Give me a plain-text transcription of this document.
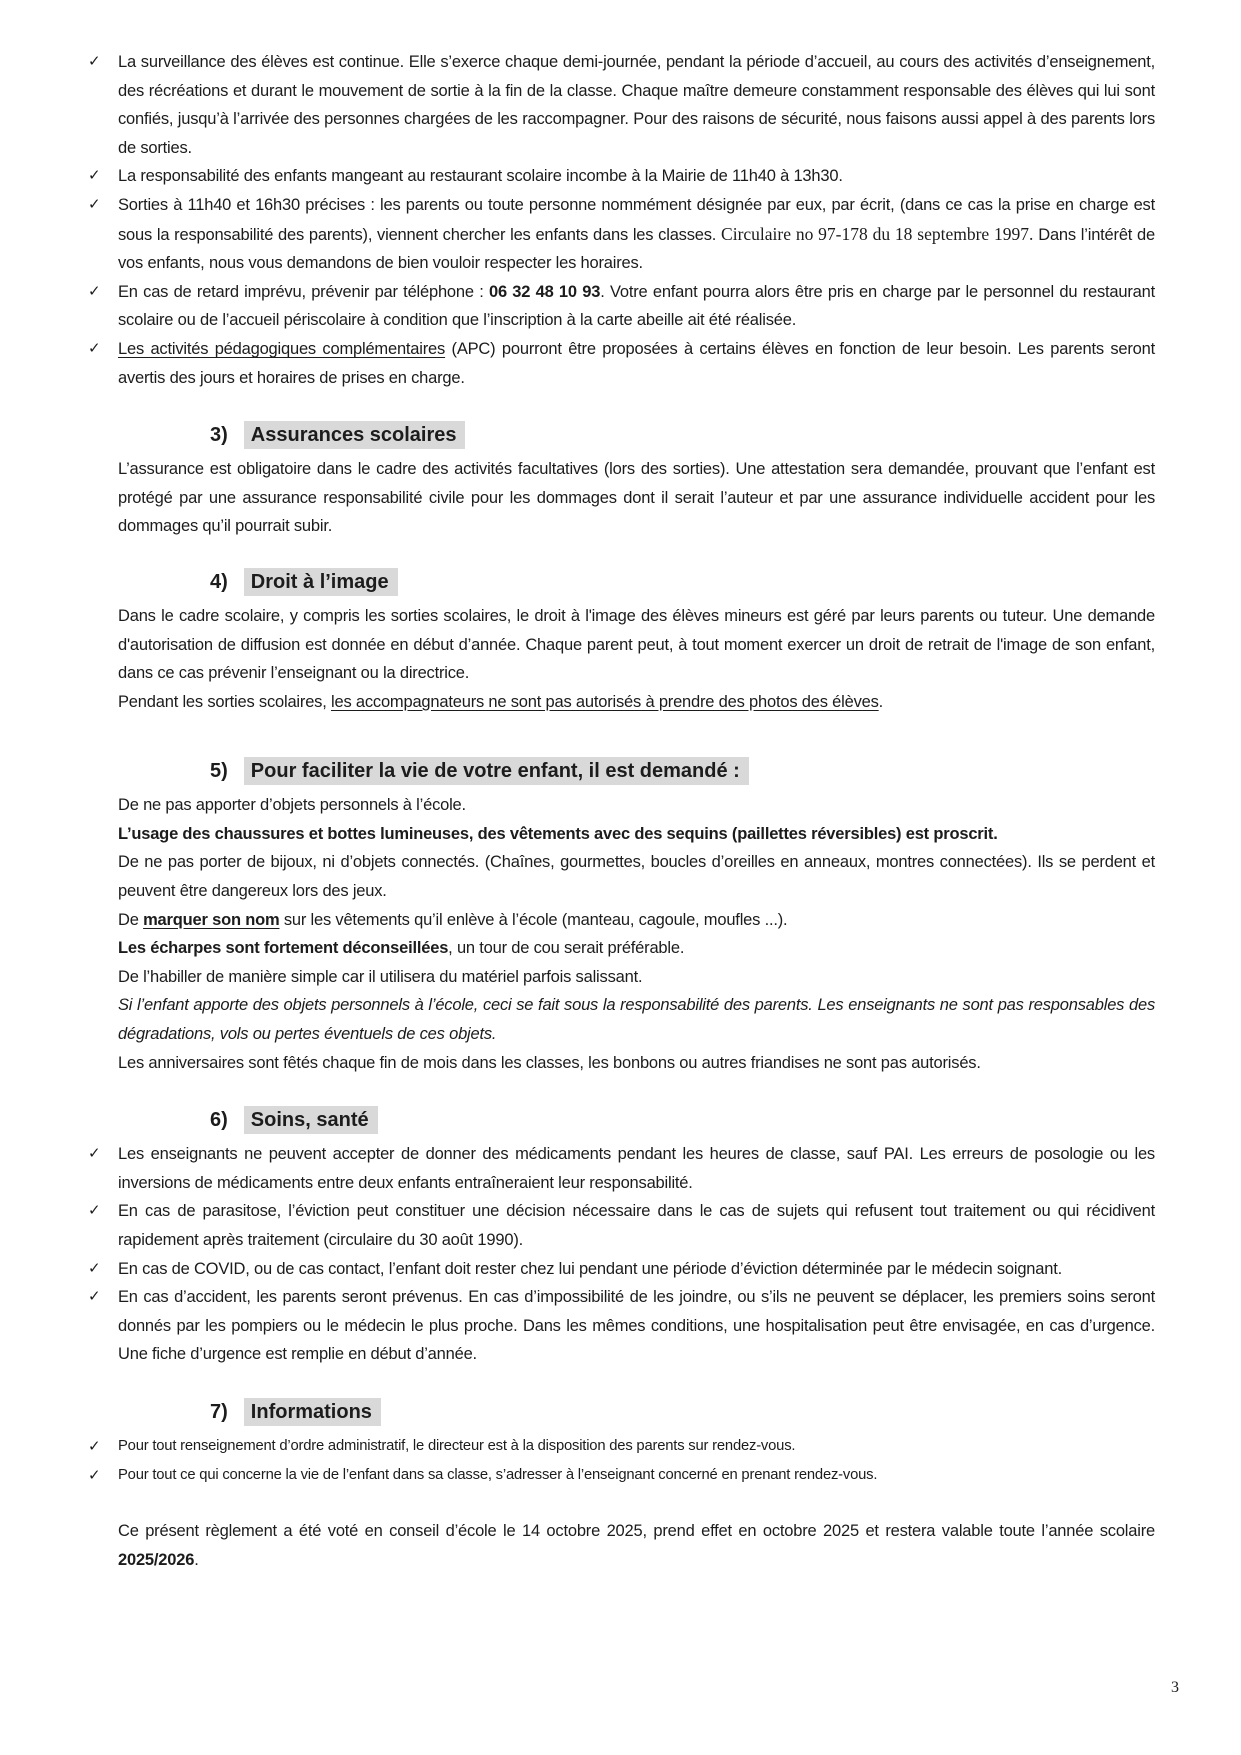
✓	La surveillance des élèves est continue. Elle s’exerce chaque demi-journée, pendant la période d’accueil, au cours des activités d’enseignement, des récréations et durant le mouvement de sortie à la fin de la classe. Chaque maître demeure constamment responsable des élèves qui lui sont confiés, jusqu’à l’arrivée des personnes chargées de les raccompagner. Pour des raisons de sécurité, nous faisons aussi appel à des parents lors de sorties.
✓	La responsabilité des enfants mangeant au restaurant scolaire incombe à la Mairie de 11h40 à 13h30.
✓	Sorties à 11h40 et 16h30 précises : les parents ou toute personne nommément désignée par eux, par écrit, (dans ce cas la prise en charge est sous la responsabilité des parents), viennent chercher les enfants dans les classes. Circulaire no 97-178 du 18 septembre 1997. Dans l’intérêt de vos enfants, nous vous demandons de bien vouloir respecter les horaires.
✓	En cas de retard imprévu, prévenir par téléphone : 06 32 48 10 93. Votre enfant pourra alors être pris en charge par le personnel du restaurant scolaire ou de l’accueil périscolaire à condition que l’inscription à la carte abeille ait été réalisée.
✓	Les activités pédagogiques complémentaires (APC) pourront être proposées à certains élèves en fonction de leur besoin. Les parents seront avertis des jours et horaires de prises en charge.
3) Assurances scolaires
L’assurance est obligatoire dans le cadre des activités facultatives (lors des sorties). Une attestation sera demandée, prouvant que l’enfant est protégé par une assurance responsabilité civile pour les dommages dont il serait l’auteur et par une assurance individuelle accident pour les dommages qu’il pourrait subir.
4) Droit à l’image
Dans le cadre scolaire, y compris les sorties scolaires, le droit à l'image des élèves mineurs est géré par leurs parents ou tuteur. Une demande d'autorisation de diffusion est donnée en début d’année. Chaque parent peut, à tout moment exercer un droit de retrait de l'image de son enfant, dans ce cas prévenir l’enseignant ou la directrice.
Pendant les sorties scolaires, les accompagnateurs ne sont pas autorisés à prendre des photos des élèves.
5) Pour faciliter la vie de votre enfant, il est demandé :
De ne pas apporter d’objets personnels à l’école.
L’usage des chaussures et bottes lumineuses, des vêtements avec des sequins (paillettes réversibles) est proscrit.
De ne pas porter de bijoux, ni d’objets connectés. (Chaînes, gourmettes, boucles d’oreilles en anneaux, montres connectées). Ils se perdent et peuvent être dangereux lors des jeux.
De marquer son nom sur les vêtements qu’il enlève à l’école (manteau, cagoule, moufles ...).
Les écharpes sont fortement déconseillées, un tour de cou serait préférable.
De l’habiller de manière simple car il utilisera du matériel parfois salissant.
Si l’enfant apporte des objets personnels à l’école, ceci se fait sous la responsabilité des parents. Les enseignants ne sont pas responsables des dégradations, vols ou pertes éventuels de ces objets.
Les anniversaires sont fêtés chaque fin de mois dans les classes, les bonbons ou autres friandises ne sont pas autorisés.
6) Soins, santé
✓	Les enseignants ne peuvent accepter de donner des médicaments pendant les heures de classe, sauf PAI. Les erreurs de posologie ou les inversions de médicaments entre deux enfants entraîneraient leur responsabilité.
✓	En cas de parasitose, l’éviction peut constituer une décision nécessaire dans le cas de sujets qui refusent tout traitement ou qui récidivent rapidement après traitement (circulaire du 30 août 1990).
✓	En cas de COVID, ou de cas contact, l’enfant doit rester chez lui pendant une période d’éviction déterminée par le médecin soignant.
✓	En cas d’accident, les parents seront prévenus. En cas d’impossibilité de les joindre, ou s’ils ne peuvent se déplacer, les premiers soins seront donnés par les pompiers ou le médecin le plus proche. Dans les mêmes conditions, une hospitalisation peut être envisagée, en cas d’urgence. Une fiche d’urgence est remplie en début d’année.
7) Informations
✓	Pour tout renseignement d’ordre administratif, le directeur est à la disposition des parents sur rendez-vous.
✓	Pour tout ce qui concerne la vie de l’enfant dans sa classe, s’adresser à l’enseignant concerné en prenant rendez-vous.
Ce présent règlement a été voté en conseil d’école le 14 octobre 2025, prend effet en octobre 2025 et restera valable toute l’année scolaire 2025/2026.
3
